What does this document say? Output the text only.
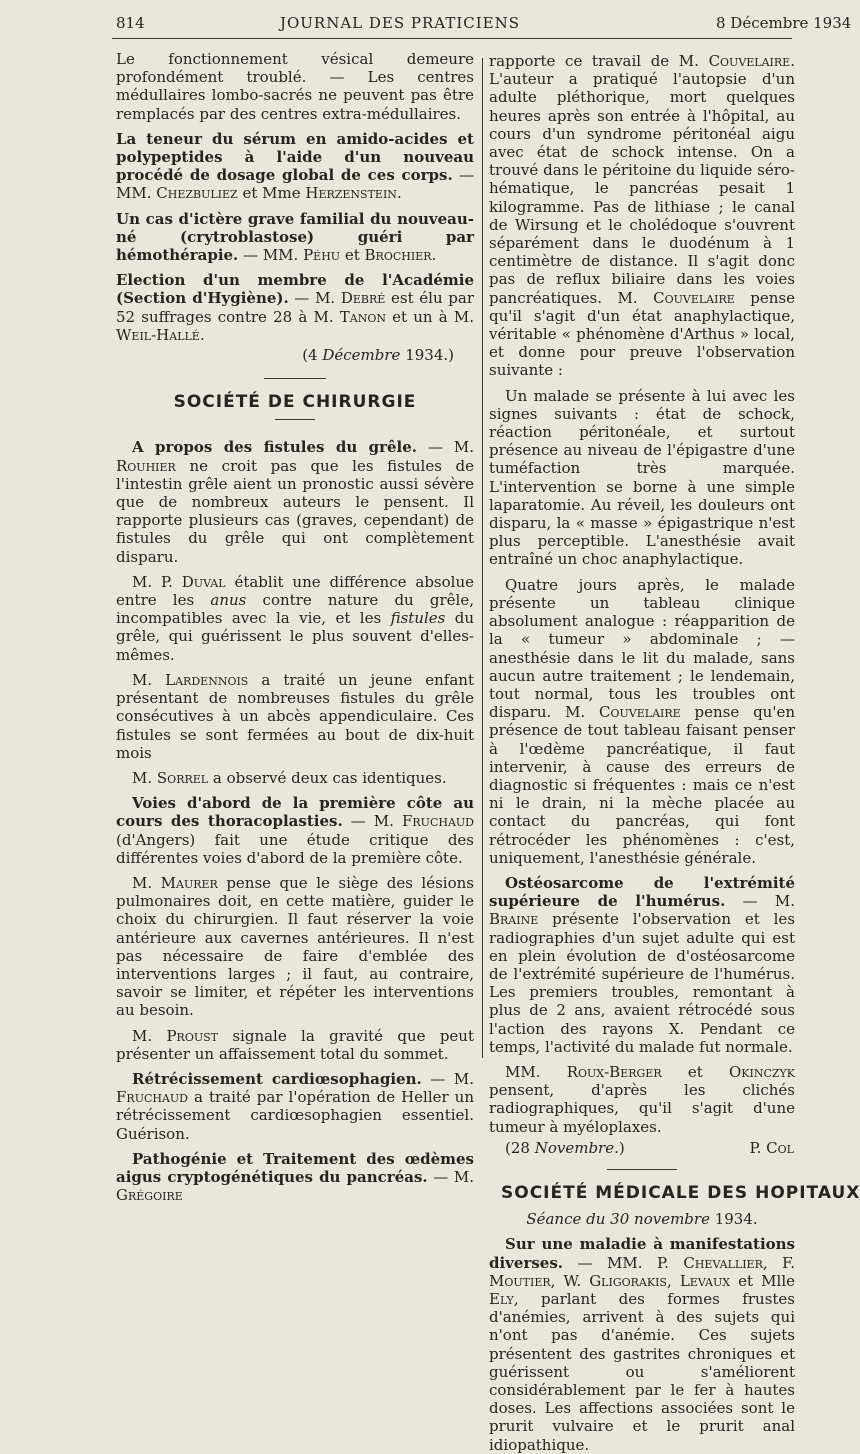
814	JOURNAL DES PRATICIENS	8 Décembre 1934

Le fonctionnement vésical demeure profondément troublé. — Les centres médullaires lombo-sacrés ne peuvent pas être remplacés par des centres extra-médullaires.

La teneur du sérum en amido-acides et polypeptides à l'aide d'un nouveau procédé de dosage global de ces corps. — MM. Chezbuliez et Mme Herzenstein.

Un cas d'ictère grave familial du nouveau-né (crytroblastose) guéri par hémothérapie. — MM. Péhu et Brochier.

Election d'un membre de l'Académie (Section d'Hygiène). — M. Debré est élu par 52 suffrages contre 28 à M. Tanon et un à M. Weil-Hallé.

(4 Décembre 1934.)

SOCIÉTÉ DE CHIRURGIE

A propos des fistules du grêle. — M. Rouhier ne croit pas que les fistules de l'intestin grêle aient un pronostic aussi sévère que de nombreux auteurs le pensent. Il rapporte plusieurs cas (graves, cependant) de fistules du grêle qui ont complètement disparu.

M. P. Duval établit une différence absolue entre les anus contre nature du grêle, incompatibles avec la vie, et les fistules du grêle, qui guérissent le plus souvent d'elles-mêmes.

M. Lardennois a traité un jeune enfant présentant de nombreuses fistules du grêle consécutives à un abcès appendiculaire. Ces fistules se sont fermées au bout de dix-huit mois

M. Sorrel a observé deux cas identiques.

Voies d'abord de la première côte au cours des thoracoplasties. — M. Fruchaud (d'Angers) fait une étude critique des différentes voies d'abord de la première côte.

M. Maurer pense que le siège des lésions pulmonaires doit, en cette matière, guider le choix du chirurgien. Il faut réserver la voie antérieure aux cavernes antérieures. Il n'est pas nécessaire de faire d'emblée des interventions larges ; il faut, au contraire, savoir se limiter, et répéter les interventions au besoin.

M. Proust signale la gravité que peut présenter un affaissement total du sommet.

Rétrécissement cardiœsophagien. — M. Fruchaud a traité par l'opération de Heller un rétrécissement cardiœsophagien essentiel. Guérison.

Pathogénie et Traitement des œdèmes aigus cryptogénétiques du pancréas. — M. Grégoire

rapporte ce travail de M. Couvelaire. L'auteur a pratiqué l'autopsie d'un adulte pléthorique, mort quelques heures après son entrée à l'hôpital, au cours d'un syndrome péritonéal aigu avec état de schock intense. On a trouvé dans le péritoine du liquide séro-hématique, le pancréas pesait 1 kilogramme. Pas de lithiase ; le canal de Wirsung et le cholédoque s'ouvrent séparément dans le duodénum à 1 centimètre de distance. Il s'agit donc pas de reflux biliaire dans les voies pancréatiques. M. Couvelaire pense qu'il s'agit d'un état anaphylactique, véritable « phénomène d'Arthus » local, et donne pour preuve l'observation suivante :

Un malade se présente à lui avec les signes suivants : état de schock, réaction péritonéale, et surtout présence au niveau de l'épigastre d'une tuméfaction très marquée. L'intervention se borne à une simple laparatomie. Au réveil, les douleurs ont disparu, la « masse » épigastrique n'est plus perceptible. L'anesthésie avait entraîné un choc anaphylactique.

Quatre jours après, le malade présente un tableau clinique absolument analogue : réapparition de la « tumeur » abdominale ; — anesthésie dans le lit du malade, sans aucun autre traitement ; le lendemain, tout normal, tous les troubles ont disparu. M. Couvelaire pense qu'en présence de tout tableau faisant penser à l'œdème pancréatique, il faut intervenir, à cause des erreurs de diagnostic si fréquentes : mais ce n'est ni le drain, ni la mèche placée au contact du pancréas, qui font rétrocéder les phénomènes : c'est, uniquement, l'anesthésie générale.

Ostéosarcome de l'extrémité supérieure de l'humérus. — M. Braine présente l'observation et les radiographies d'un sujet adulte qui est en plein évolution de d'ostéosarcome de l'extrémité supérieure de l'humérus. Les premiers troubles, remontant à plus de 2 ans, avaient rétrocédé sous l'action des rayons X. Pendant ce temps, l'activité du malade fut normale.

MM. Roux-Berger et Okinczyk pensent, d'après les clichés radiographiques, qu'il s'agit d'une tumeur à myéloplaxes.

(28 Novembre.)	P. Col

SOCIÉTÉ MÉDICALE DES HOPITAUX

Séance du 30 novembre 1934.

Sur une maladie à manifestations diverses. — MM. P. Chevallier, F. Moutier, W. Gligorakis, Levaux et Mlle Ely, parlant des formes frustes d'anémies, arrivent à des sujets qui n'ont pas d'anémie. Ces sujets présentent des gastrites chroniques et guérissent ou s'améliorent considérablement par le fer à hautes doses. Les affections associées sont le prurit vulvaire et le prurit anal idiopathique.
